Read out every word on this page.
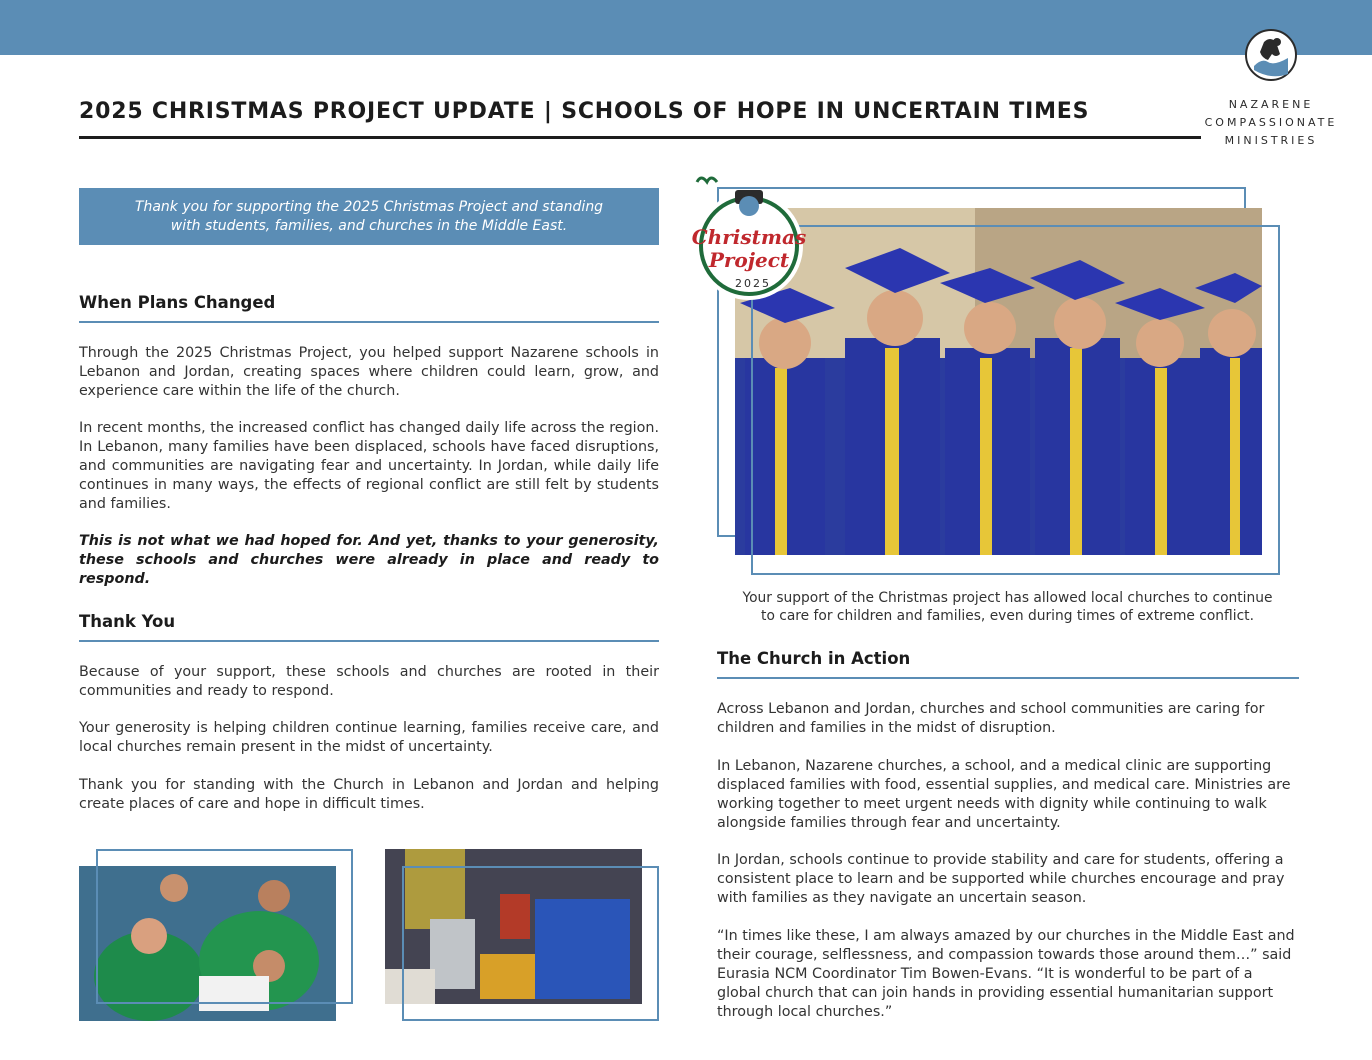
NAZARENE
COMPASSIONATE
MINISTRIES
2025 CHRISTMAS PROJECT UPDATE | SCHOOLS OF HOPE IN UNCERTAIN TIMES
Thank you for supporting the 2025 Christmas Project and standing
with students, families, and churches in the Middle East.
When Plans Changed
Through the 2025 Christmas Project, you helped support Nazarene schools in Lebanon and Jordan, creating spaces where children could learn, grow, and experience care within the life of the church.
In recent months, the increased conflict has changed daily life across the region. In Lebanon, many families have been displaced, schools have faced disruptions, and communities are navigating fear and uncertainty. In Jordan, while daily life continues in many ways, the effects of regional conflict are still felt by students and families.
This is not what we had hoped for. And yet, thanks to your generosity, these schools and churches were already in place and ready to respond.
Thank You
Because of your support, these schools and churches are rooted in their communities and ready to respond.
Your generosity is helping children continue learning, families receive care, and local churches remain present in the midst of uncertainty.
Thank you for standing with the Church in Lebanon and Jordan and helping create places of care and hope in difficult times.
Christmas
Project
2025
Your support of the Christmas project has allowed local churches to continue
to care for children and families, even during times of extreme conflict.
The Church in Action
Across Lebanon and Jordan, churches and school communities are caring for children and families in the midst of disruption.
In Lebanon, Nazarene churches, a school, and a medical clinic are supporting displaced families with food, essential supplies, and medical care. Ministries are working together to meet urgent needs with dignity while continuing to walk alongside families through fear and uncertainty.
In Jordan, schools continue to provide stability and care for students, offering a consistent place to learn and be supported while churches encourage and pray with families as they navigate an uncertain season.
“In times like these, I am always amazed by our churches in the Middle East and their courage, selflessness, and compassion towards those around them…” said Eurasia NCM Coordinator Tim Bowen-Evans. “It is wonderful to be part of a global church that can join hands in providing essential humanitarian support through local churches.”
